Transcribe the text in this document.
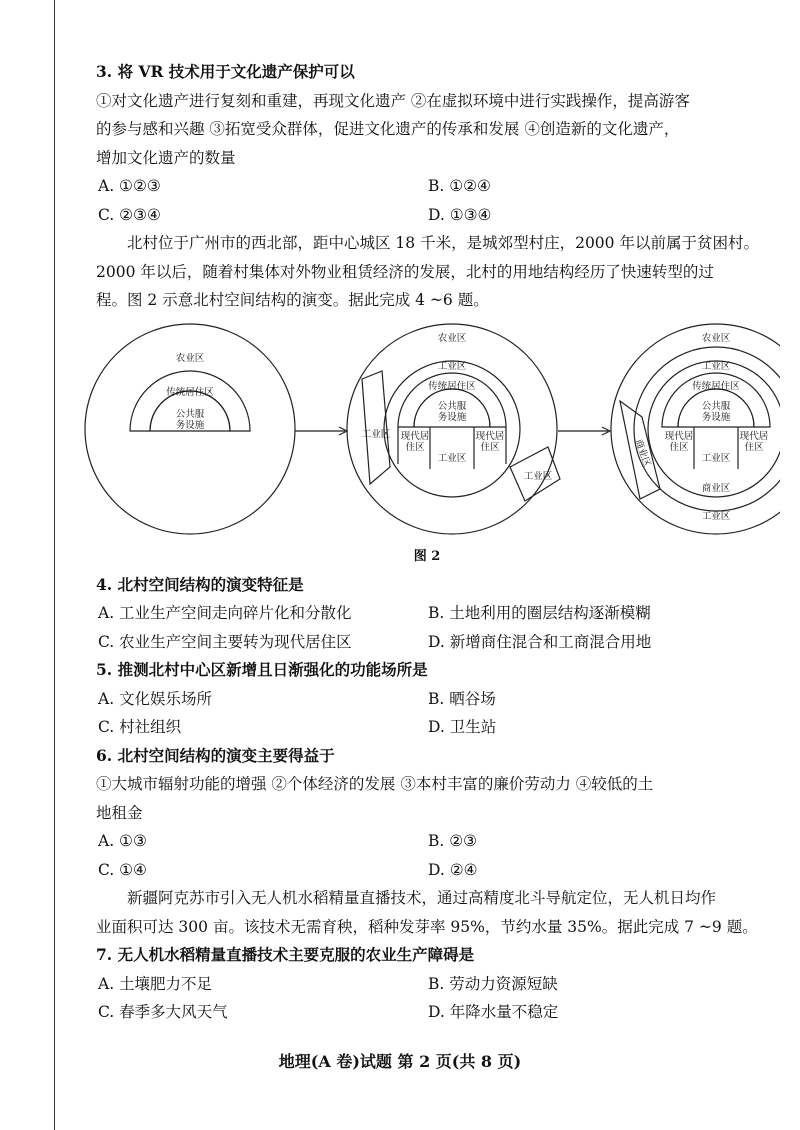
3. 将 VR 技术用于文化遗产保护可以
①对文化遗产进行复刻和重建，再现文化遗产 ②在虚拟环境中进行实践操作，提高游客
的参与感和兴趣 ③拓宽受众群体，促进文化遗产的传承和发展 ④创造新的文化遗产，
增加文化遗产的数量
A. ①②③	B. ①②④
C. ②③④	D. ①③④
北村位于广州市的西北部，距中心城区 18 千米，是城郊型村庄，2000 年以前属于贫困村。
2000 年以后，随着村集体对外物业租赁经济的发展，北村的用地结构经历了快速转型的过
程。图 2 示意北村空间结构的演变。据此完成 4 ~6 题。
农业区
传统居住区
公共服
务设施
农业区
工业区
传统居住区
公共服
务设施
现代居
住区
现代居
住区
工业区
工业区
工业区
农业区
工业区
传统居住区
公共服
务设施
现代居
住区
现代居
住区
工业区
商业区
工业区
商业区
图 2
4. 北村空间结构的演变特征是
A. 工业生产空间走向碎片化和分散化	B. 土地利用的圈层结构逐渐模糊
C. 农业生产空间主要转为现代居住区	D. 新增商住混合和工商混合用地
5. 推测北村中心区新增且日渐强化的功能场所是
A. 文化娱乐场所	B. 晒谷场
C. 村社组织	D. 卫生站
6. 北村空间结构的演变主要得益于
①大城市辐射功能的增强 ②个体经济的发展 ③本村丰富的廉价劳动力 ④较低的土
地租金
A. ①③	B. ②③
C. ①④	D. ②④
新疆阿克苏市引入无人机水稻精量直播技术，通过高精度北斗导航定位，无人机日均作
业面积可达 300 亩。该技术无需育秧，稻种发芽率 95%，节约水量 35%。据此完成 7 ~9 题。
7. 无人机水稻精量直播技术主要克服的农业生产障碍是
A. 土壤肥力不足	B. 劳动力资源短缺
C. 春季多大风天气	D. 年降水量不稳定
地理(A 卷)试题 第 2 页(共 8 页)
